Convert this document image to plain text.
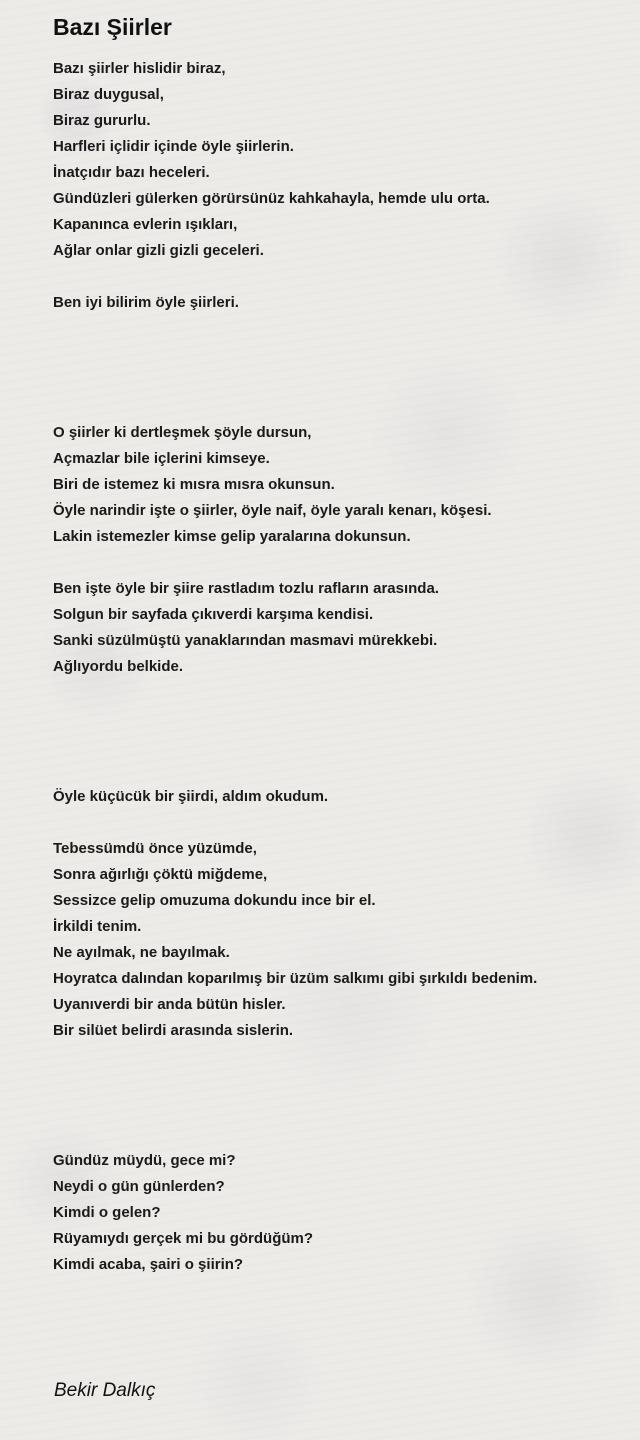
Bazı Şiirler
Bazı şiirler hislidir biraz,
Biraz duygusal,
Biraz gururlu.
Harfleri içlidir içinde öyle şiirlerin.
İnatçıdır bazı heceleri.
Gündüzleri gülerken görürsünüz kahkahayla, hemde ulu orta.
Kapanınca evlerin ışıkları,
Ağlar onlar gizli gizli geceleri.
Ben iyi bilirim öyle şiirleri.
O şiirler ki dertleşmek şöyle dursun,
Açmazlar bile içlerini kimseye.
Biri de istemez ki mısra mısra okunsun.
Öyle narindir işte o şiirler, öyle naif, öyle yaralı kenarı, köşesi.
Lakin istemezler kimse gelip yaralarına dokunsun.
Ben işte öyle bir şiire rastladım tozlu rafların arasında.
Solgun bir sayfada çıkıverdi karşıma kendisi.
Sanki süzülmüştü yanaklarından masmavi mürekkebi.
Ağlıyordu belkide.
Öyle küçücük bir şiirdi, aldım okudum.
Tebessümdü önce yüzümde,
Sonra ağırlığı çöktü miğdeme,
Sessizce gelip omuzuma dokundu ince bir el.
İrkildi tenim.
Ne ayılmak, ne bayılmak.
Hoyratca dalından koparılmış bir üzüm salkımı gibi şırkıldı bedenim.
Uyanıverdi bir anda bütün hisler.
Bir silüet belirdi arasında sislerin.
Gündüz müydü, gece mi?
Neydi o gün günlerden?
Kimdi o gelen?
Rüyamıydı gerçek mi bu gördüğüm?
Kimdi acaba, şairi o şiirin?
Bekir Dalkıç
